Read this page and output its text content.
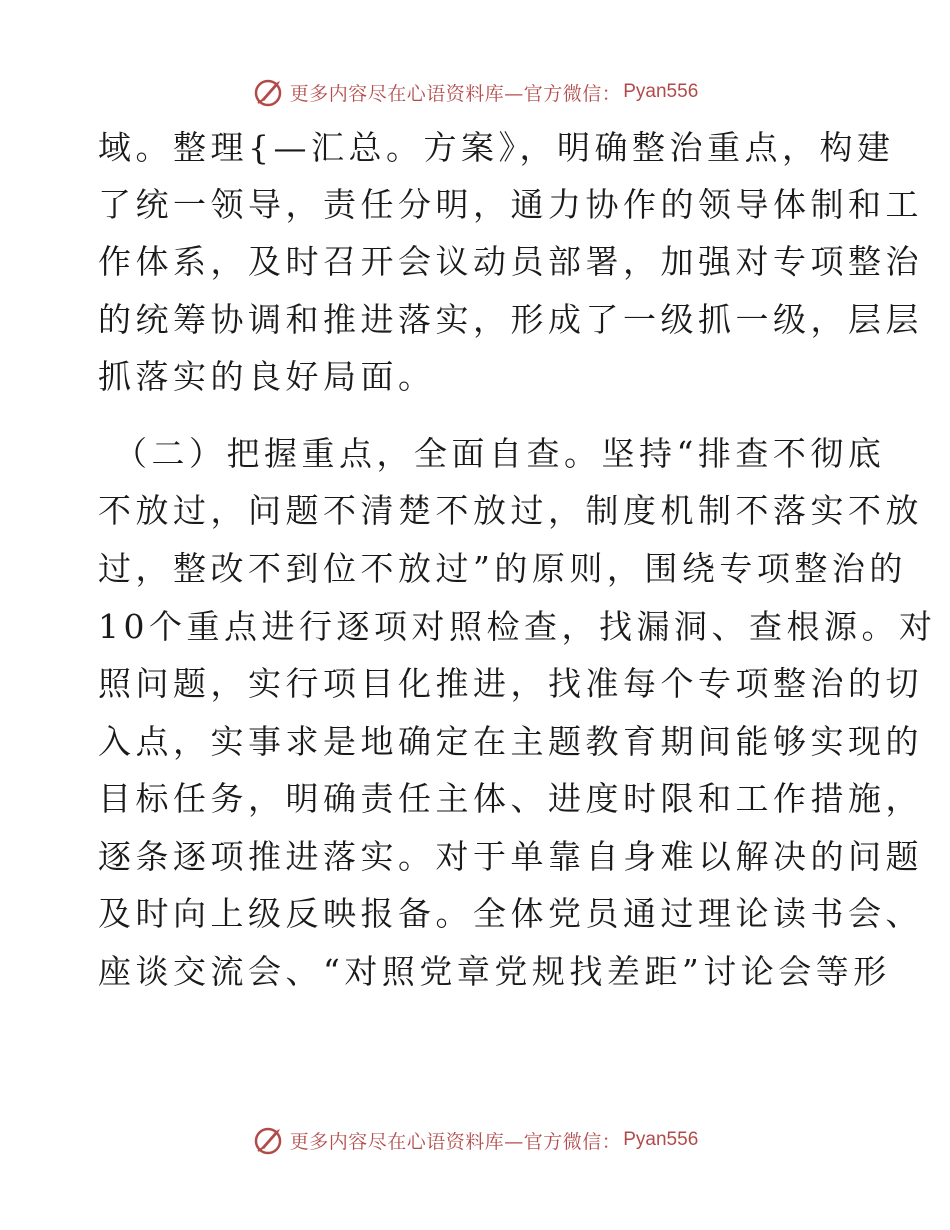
更多内容尽在心语资料库—官方微信： Pyan556
域。整理{—汇总。方案》，明确整治重点，构建
了统一领导，责任分明，通力协作的领导体制和工
作体系，及时召开会议动员部署，加强对专项整治
的统筹协调和推进落实，形成了一级抓一级，层层
抓落实的良好局面。
（二）把握重点，全面自查。坚持“排查不彻底
不放过，问题不清楚不放过，制度机制不落实不放
过，整改不到位不放过”的原则，围绕专项整治的
10个重点进行逐项对照检查，找漏洞、查根源。对
照问题，实行项目化推进，找准每个专项整治的切
入点，实事求是地确定在主题教育期间能够实现的
目标任务，明确责任主体、进度时限和工作措施，
逐条逐项推进落实。对于单靠自身难以解决的问题
及时向上级反映报备。全体党员通过理论读书会、
座谈交流会、“对照党章党规找差距”讨论会等形
更多内容尽在心语资料库—官方微信： Pyan556
